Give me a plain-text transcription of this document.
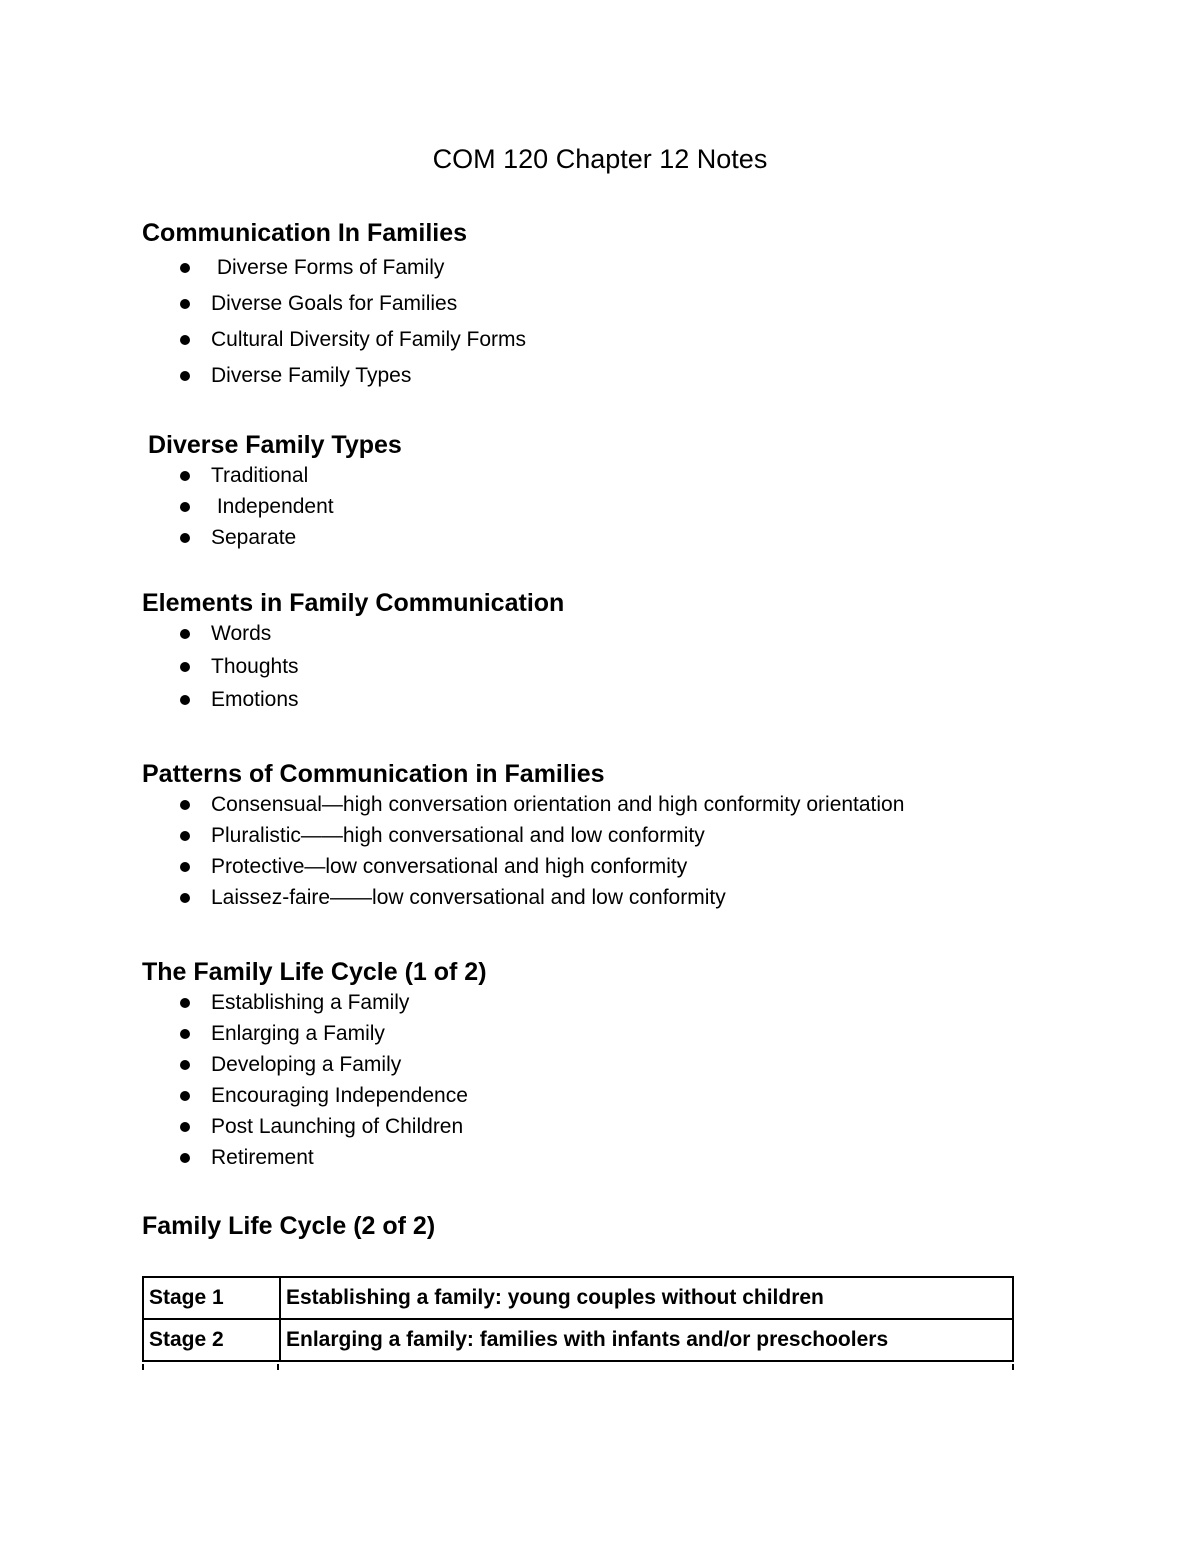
COM 120 Chapter 12 Notes
Communication In Families
Diverse Forms of Family
Diverse Goals for Families
Cultural Diversity of Family Forms
Diverse Family Types
Diverse Family Types
Traditional
Independent
Separate
Elements in Family Communication
Words
Thoughts
Emotions
Patterns of Communication in Families
Consensual—high conversation orientation and high conformity orientation
Pluralistic——high conversational and low conformity
Protective—low conversational and high conformity
Laissez-faire——low conversational and low conformity
The Family Life Cycle (1 of 2)
Establishing a Family
Enlarging a Family
Developing a Family
Encouraging Independence
Post Launching of Children
Retirement
Family Life Cycle (2 of 2)
Stage 1	Establishing a family: young couples without children
Stage 2	Enlarging a family: families with infants and/or preschoolers
